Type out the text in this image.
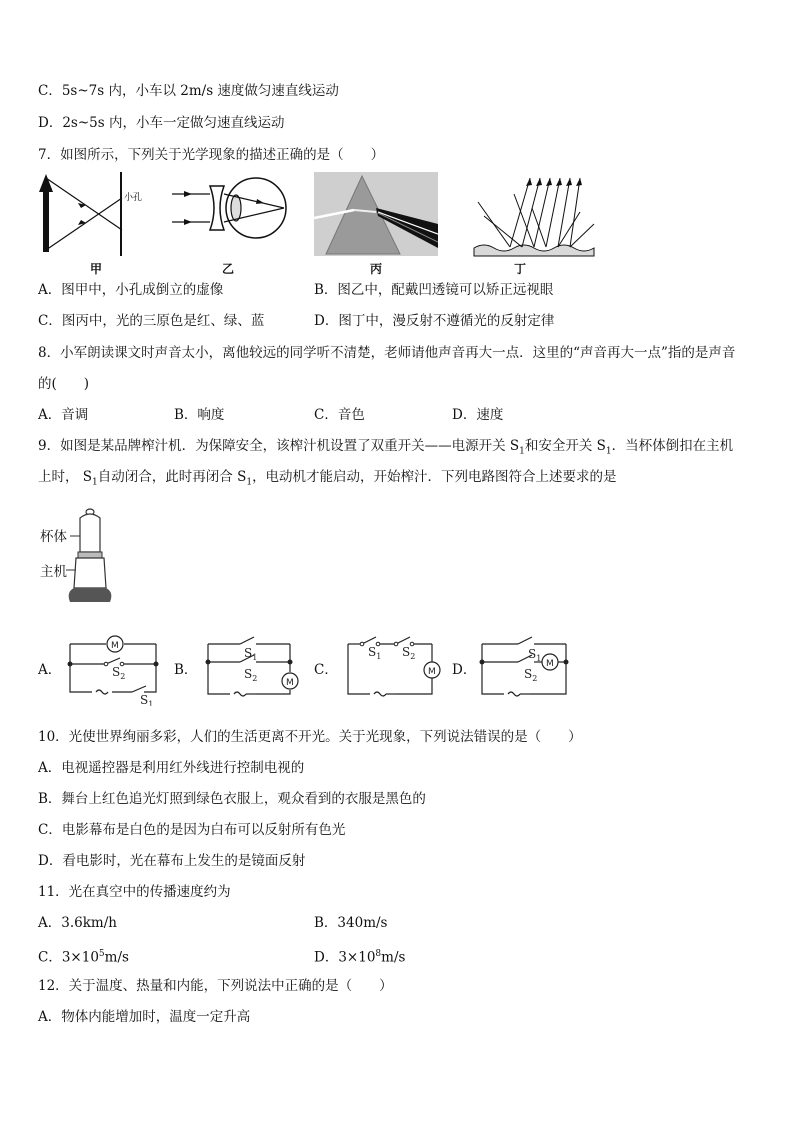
C．5s~7s 内，小车以 2m/s 速度做匀速直线运动
D．2s~5s 内，小车一定做匀速直线运动
7．如图所示，下列关于光学现象的描述正确的是（　　）
小孔
甲	乙	丙	丁
A．图甲中，小孔成倒立的虚像	B．图乙中，配戴凹透镜可以矫正远视眼
C．图丙中，光的三原色是红、绿、蓝	D．图丁中，漫反射不遵循光的反射定律
8．小军朗读课文时声音太小，离他较远的同学听不清楚，老师请他声音再大一点．这里的“声音再大一点”指的是声音
的(　　)
A．音调	B．响度	C．音色	D．速度
9．如图是某品牌榨汁机．为保障安全，该榨汁机设置了双重开关——电源开关 $S_1$和安全开关 $S_1$．当杯体倒扣在主机
上时， $S_1$自动闭合，此时再闭合 $S_1$，电动机才能启动，开始榨汁．下列电路图符合上述要求的是
杯体
主机
A．
M
$S_2$
$S_1$
B．
M
$S_1$
$S_2$
C．	M
$S_1$ $S_2$
D．	M
$S_1$
$S_2$
10．光使世界绚丽多彩，人们的生活更离不开光。关于光现象，下列说法错误的是（　　）
A．电视遥控器是利用红外线进行控制电视的
B．舞台上红色追光灯照到绿色衣服上，观众看到的衣服是黑色的
C．电影幕布是白色的是因为白布可以反射所有色光
D．看电影时，光在幕布上发生的是镜面反射
11．光在真空中的传播速度约为
A．3.6km/h	B．340m/s
C．$3\times 10^5m/s$	D．$3\times 10^8m/s$
12．关于温度、热量和内能，下列说法中正确的是（　　）
A．物体内能增加时，温度一定升高
